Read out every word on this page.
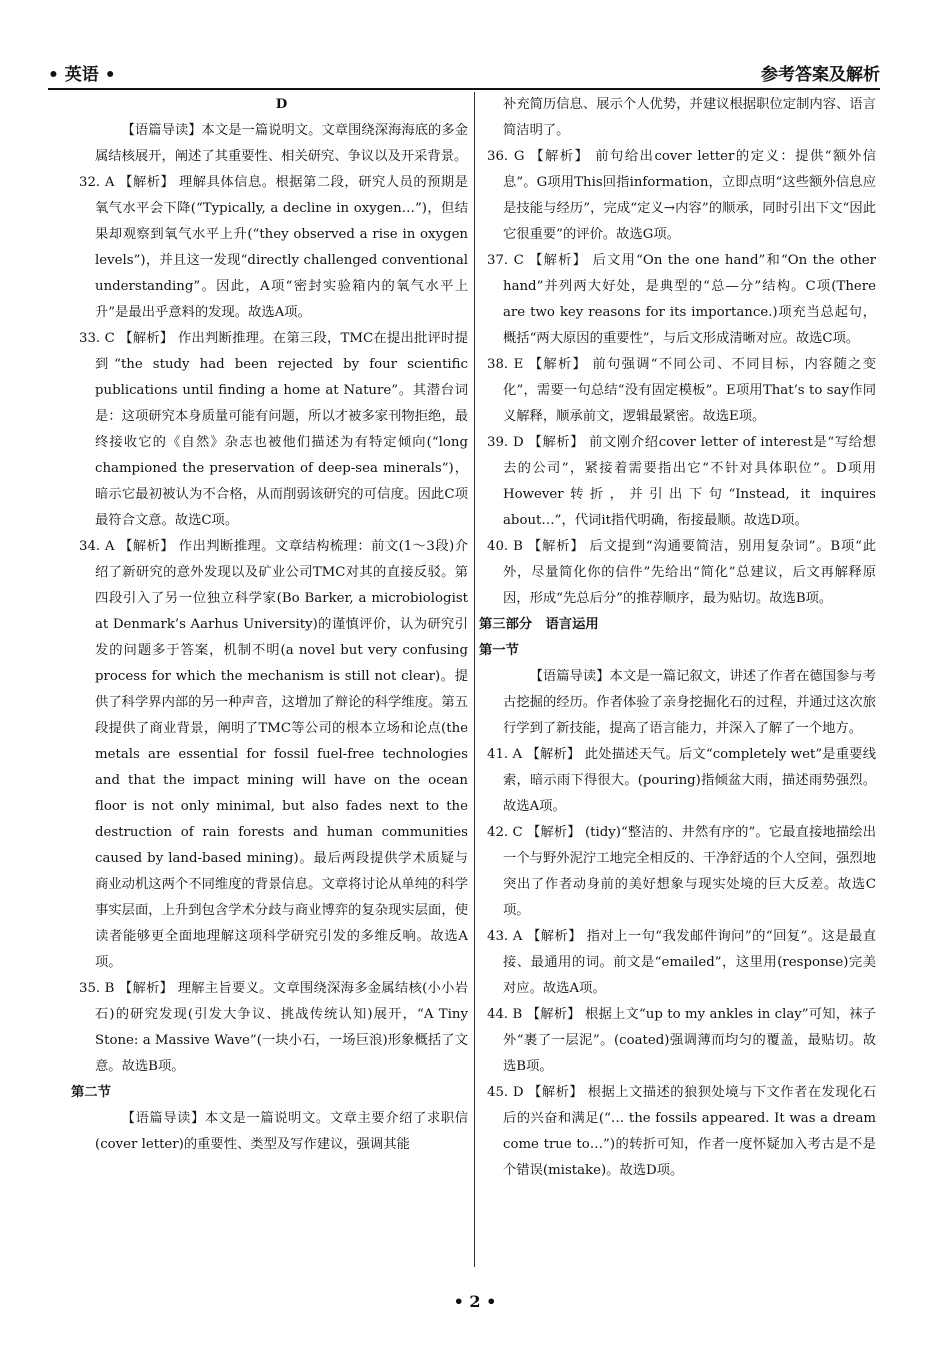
• 英语 •	参考答案及解析

D

【语篇导读】本文是一篇说明文。文章围绕深海海底的多金属结核展开，阐述了其重要性、相关研究、争议以及开采背景。

32. A 【解析】 理解具体信息。根据第二段，研究人员的预期是氧气水平会下降(“Typically, a decline in oxygen…”)，但结果却观察到氧气水平上升(“they observed a rise in oxygen levels”)，并且这一发现“directly challenged conventional understanding”。因此，A项“密封实验箱内的氧气水平上升”是最出乎意料的发现。故选A项。

33. C 【解析】 作出判断推理。在第三段，TMC在提出批评时提到“the study had been rejected by four scientific publications until finding a home at Nature”。其潜台词是：这项研究本身质量可能有问题，所以才被多家刊物拒绝，最终接收它的《自然》杂志也被他们描述为有特定倾向(“long championed the preservation of deep-sea minerals”)，暗示它最初被认为不合格，从而削弱该研究的可信度。因此C项最符合文意。故选C项。

34. A 【解析】 作出判断推理。文章结构梳理：前文(1～3段)介绍了新研究的意外发现以及矿业公司TMC对其的直接反驳。第四段引入了另一位独立科学家(Bo Barker, a microbiologist at Denmark’s Aarhus University)的谨慎评价，认为研究引发的问题多于答案，机制不明(a novel but very confusing process for which the mechanism is still not clear)。提供了科学界内部的另一种声音，这增加了辩论的科学维度。第五段提供了商业背景，阐明了TMC等公司的根本立场和论点(the metals are essential for fossil fuel-free technologies and that the impact mining will have on the ocean floor is not only minimal, but also fades next to the destruction of rain forests and human communities caused by land-based mining)。最后两段提供学术质疑与商业动机这两个不同维度的背景信息。文章将讨论从单纯的科学事实层面，上升到包含学术分歧与商业博弈的复杂现实层面，使读者能够更全面地理解这项科学研究引发的多维反响。故选A项。

35. B 【解析】 理解主旨要义。文章围绕深海多金属结核(小小岩石)的研究发现(引发大争议、挑战传统认知)展开，“A Tiny Stone: a Massive Wave”(一块小石，一场巨浪)形象概括了文意。故选B项。

第二节

【语篇导读】本文是一篇说明文。文章主要介绍了求职信(cover letter)的重要性、类型及写作建议，强调其能

补充简历信息、展示个人优势，并建议根据职位定制内容、语言简洁明了。

36. G 【解析】 前句给出cover letter的定义：提供“额外信息”。G项用This回指information，立即点明“这些额外信息应是技能与经历”，完成“定义→内容”的顺承，同时引出下文“因此它很重要”的评价。故选G项。

37. C 【解析】 后文用“On the one hand”和“On the other hand”并列两大好处，是典型的“总—分”结构。C项(There are two key reasons for its importance.)项充当总起句，概括“两大原因的重要性”，与后文形成清晰对应。故选C项。

38. E 【解析】 前句强调“不同公司、不同目标，内容随之变化”，需要一句总结“没有固定模板”。E项用That’s to say作同义解释，顺承前文，逻辑最紧密。故选E项。

39. D 【解析】 前文刚介绍cover letter of interest是“写给想去的公司”，紧接着需要指出它“不针对具体职位”。D项用However转折，并引出下句“Instead, it inquires about…”，代词it指代明确，衔接最顺。故选D项。

40. B 【解析】 后文提到“沟通要简洁，别用复杂词”。B项“此外，尽量简化你的信件”先给出“简化”总建议，后文再解释原因，形成“先总后分”的推荐顺序，最为贴切。故选B项。

第三部分　语言运用

第一节

【语篇导读】本文是一篇记叙文，讲述了作者在德国参与考古挖掘的经历。作者体验了亲身挖掘化石的过程，并通过这次旅行学到了新技能，提高了语言能力，并深入了解了一个地方。

41. A 【解析】 此处描述天气。后文“completely wet”是重要线索，暗示雨下得很大。(pouring)指倾盆大雨，描述雨势强烈。故选A项。

42. C 【解析】 (tidy)“整洁的、井然有序的”。它最直接地描绘出一个与野外泥泞工地完全相反的、干净舒适的个人空间，强烈地突出了作者动身前的美好想象与现实处境的巨大反差。故选C项。

43. A 【解析】 指对上一句“我发邮件询问”的“回复”。这是最直接、最通用的词。前文是“emailed”，这里用(response)完美对应。故选A项。

44. B 【解析】 根据上文“up to my ankles in clay”可知，袜子外“裹了一层泥”。(coated)强调薄而均匀的覆盖，最贴切。故选B项。

45. D 【解析】 根据上文描述的狼狈处境与下文作者在发现化石后的兴奋和满足(“… the fossils appeared. It was a dream come true to…”)的转折可知，作者一度怀疑加入考古是不是个错误(mistake)。故选D项。

• 2 •
